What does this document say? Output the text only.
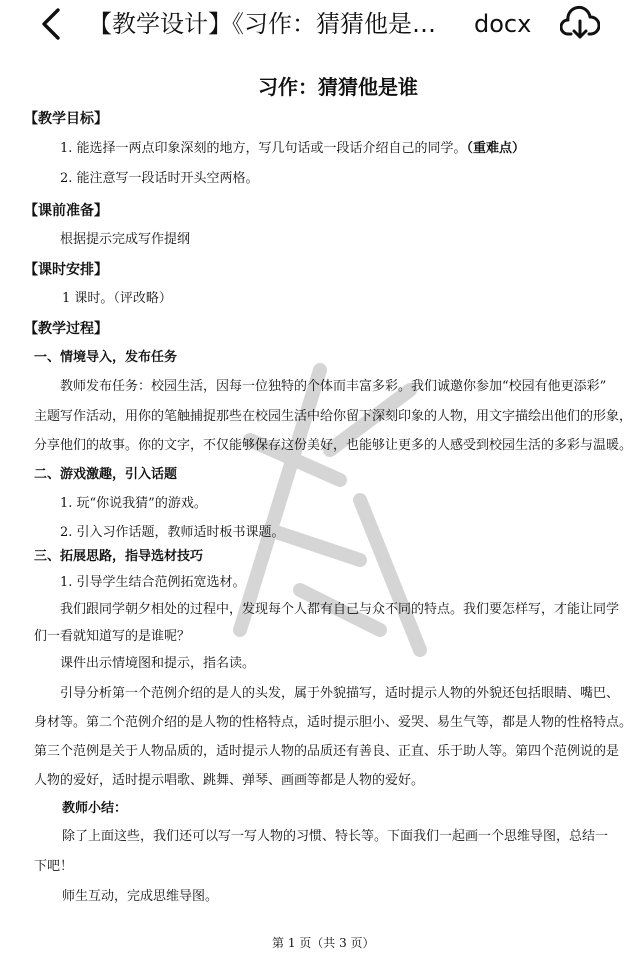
【教学设计】《习作：猜猜他是… docx
习作：猜猜他是谁
【教学目标】
1. 能选择一两点印象深刻的地方，写几句话或一段话介绍自己的同学。（重难点）
2. 能注意写一段话时开头空两格。
【课前准备】
根据提示完成写作提纲
【课时安排】
1 课时。（评改略）
【教学过程】
一、情境导入，发布任务
教师发布任务：校园生活，因每一位独特的个体而丰富多彩。我们诚邀你参加“校园有他更添彩”
主题写作活动，用你的笔触捕捉那些在校园生活中给你留下深刻印象的人物，用文字描绘出他们的形象，
分享他们的故事。你的文字，不仅能够保存这份美好，也能够让更多的人感受到校园生活的多彩与温暖。
二、游戏激趣，引入话题
1. 玩“你说我猜”的游戏。
2. 引入习作话题，教师适时板书课题。
三、拓展思路，指导选材技巧
1. 引导学生结合范例拓宽选材。
我们跟同学朝夕相处的过程中，发现每个人都有自己与众不同的特点。我们要怎样写，才能让同学
们一看就知道写的是谁呢？
课件出示情境图和提示，指名读。
引导分析第一个范例介绍的是人的头发，属于外貌描写，适时提示人物的外貌还包括眼睛、嘴巴、
身材等。第二个范例介绍的是人物的性格特点，适时提示胆小、爱哭、易生气等，都是人物的性格特点。
第三个范例是关于人物品质的，适时提示人物的品质还有善良、正直、乐于助人等。第四个范例说的是
人物的爱好，适时提示唱歌、跳舞、弹琴、画画等都是人物的爱好。
教师小结：
除了上面这些，我们还可以写一写人物的习惯、特长等。下面我们一起画一个思维导图，总结一
下吧！
师生互动，完成思维导图。
第 1 页（共 3 页）
